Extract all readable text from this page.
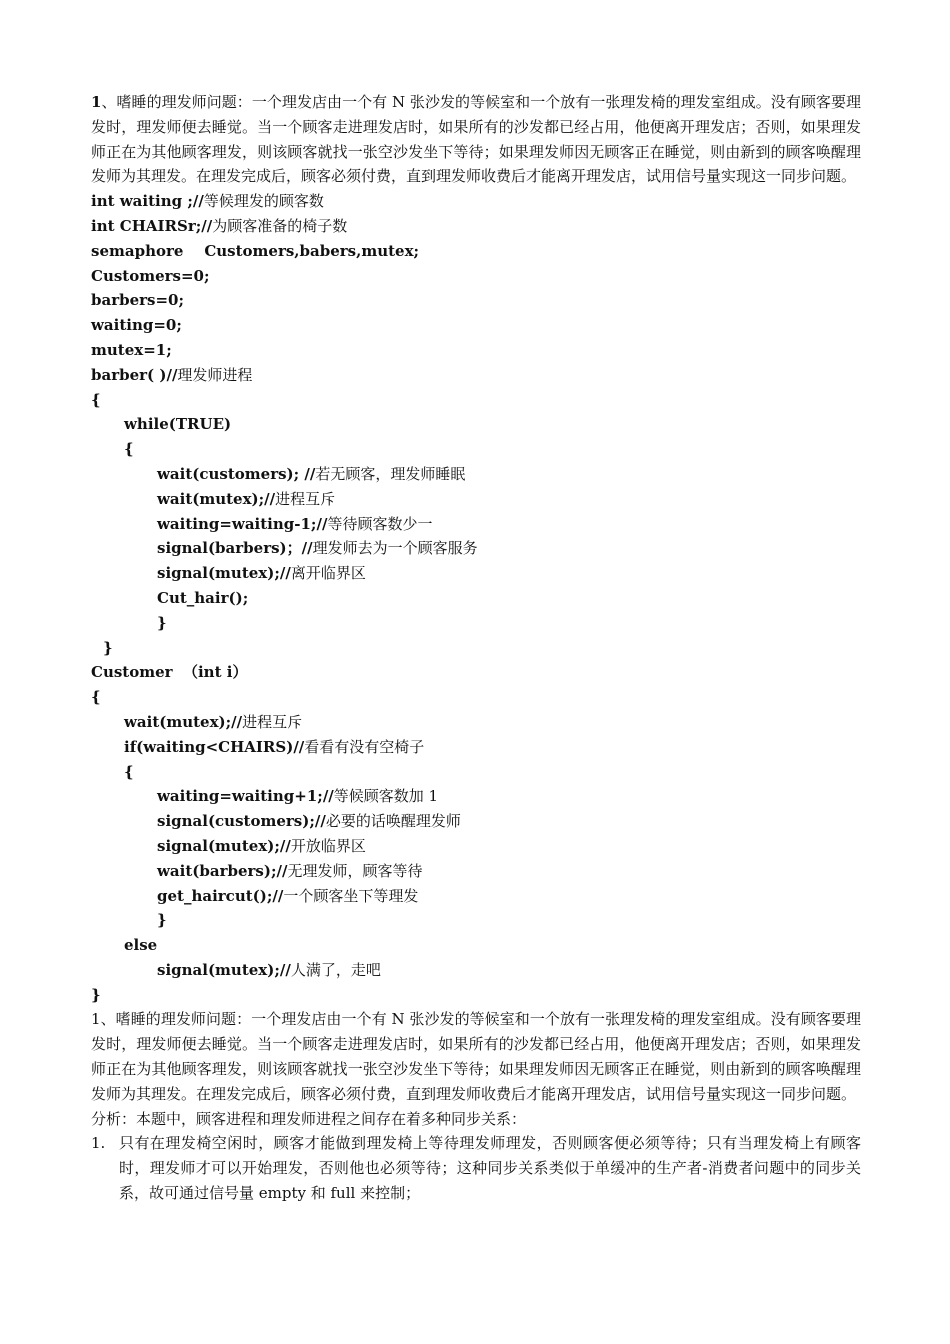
1、嗜睡的理发师问题：一个理发店由一个有 N 张沙发的等候室和一个放有一张理发椅的理发室组成。没有顾客要理发时，理发师便去睡觉。当一个顾客走进理发店时，如果所有的沙发都已经占用，他便离开理发店；否则，如果理发师正在为其他顾客理发，则该顾客就找一张空沙发坐下等待；如果理发师因无顾客正在睡觉，则由新到的顾客唤醒理发师为其理发。在理发完成后，顾客必须付费，直到理发师收费后才能离开理发店，试用信号量实现这一同步问题。

int waiting ;//等候理发的顾客数
int CHAIRSr;//为顾客准备的椅子数
semaphore    Customers,babers,mutex;
Customers=0;
barbers=0;
waiting=0;
mutex=1;
barber( )//理发师进程
{
while(TRUE)
{
wait(customers); //若无顾客，理发师睡眠
wait(mutex);//进程互斥
waiting=waiting-1;//等待顾客数少一
signal(barbers)；//理发师去为一个顾客服务
signal(mutex);//离开临界区
Cut_hair();
}
}
Customer  （int i）
{
wait(mutex);//进程互斥
if(waiting<CHAIRS)//看看有没有空椅子
{
waiting=waiting+1;//等候顾客数加 1
signal(customers);//必要的话唤醒理发师
signal(mutex);//开放临界区
wait(barbers);//无理发师，顾客等待
get_haircut();//一个顾客坐下等理发
}
else
signal(mutex);//人满了，走吧
}

1、嗜睡的理发师问题：一个理发店由一个有 N 张沙发的等候室和一个放有一张理发椅的理发室组成。没有顾客要理发时，理发师便去睡觉。当一个顾客走进理发店时，如果所有的沙发都已经占用，他便离开理发店；否则，如果理发师正在为其他顾客理发，则该顾客就找一张空沙发坐下等待；如果理发师因无顾客正在睡觉，则由新到的顾客唤醒理发师为其理发。在理发完成后，顾客必须付费，直到理发师收费后才能离开理发店，试用信号量实现这一同步问题。

分析：本题中，顾客进程和理发师进程之间存在着多种同步关系：

1. 只有在理发椅空闲时，顾客才能做到理发椅上等待理发师理发，否则顾客便必须等待；只有当理发椅上有顾客时，理发师才可以开始理发，否则他也必须等待；这种同步关系类似于单缓冲的生产者-消费者问题中的同步关系，故可通过信号量 empty 和 full 来控制；
